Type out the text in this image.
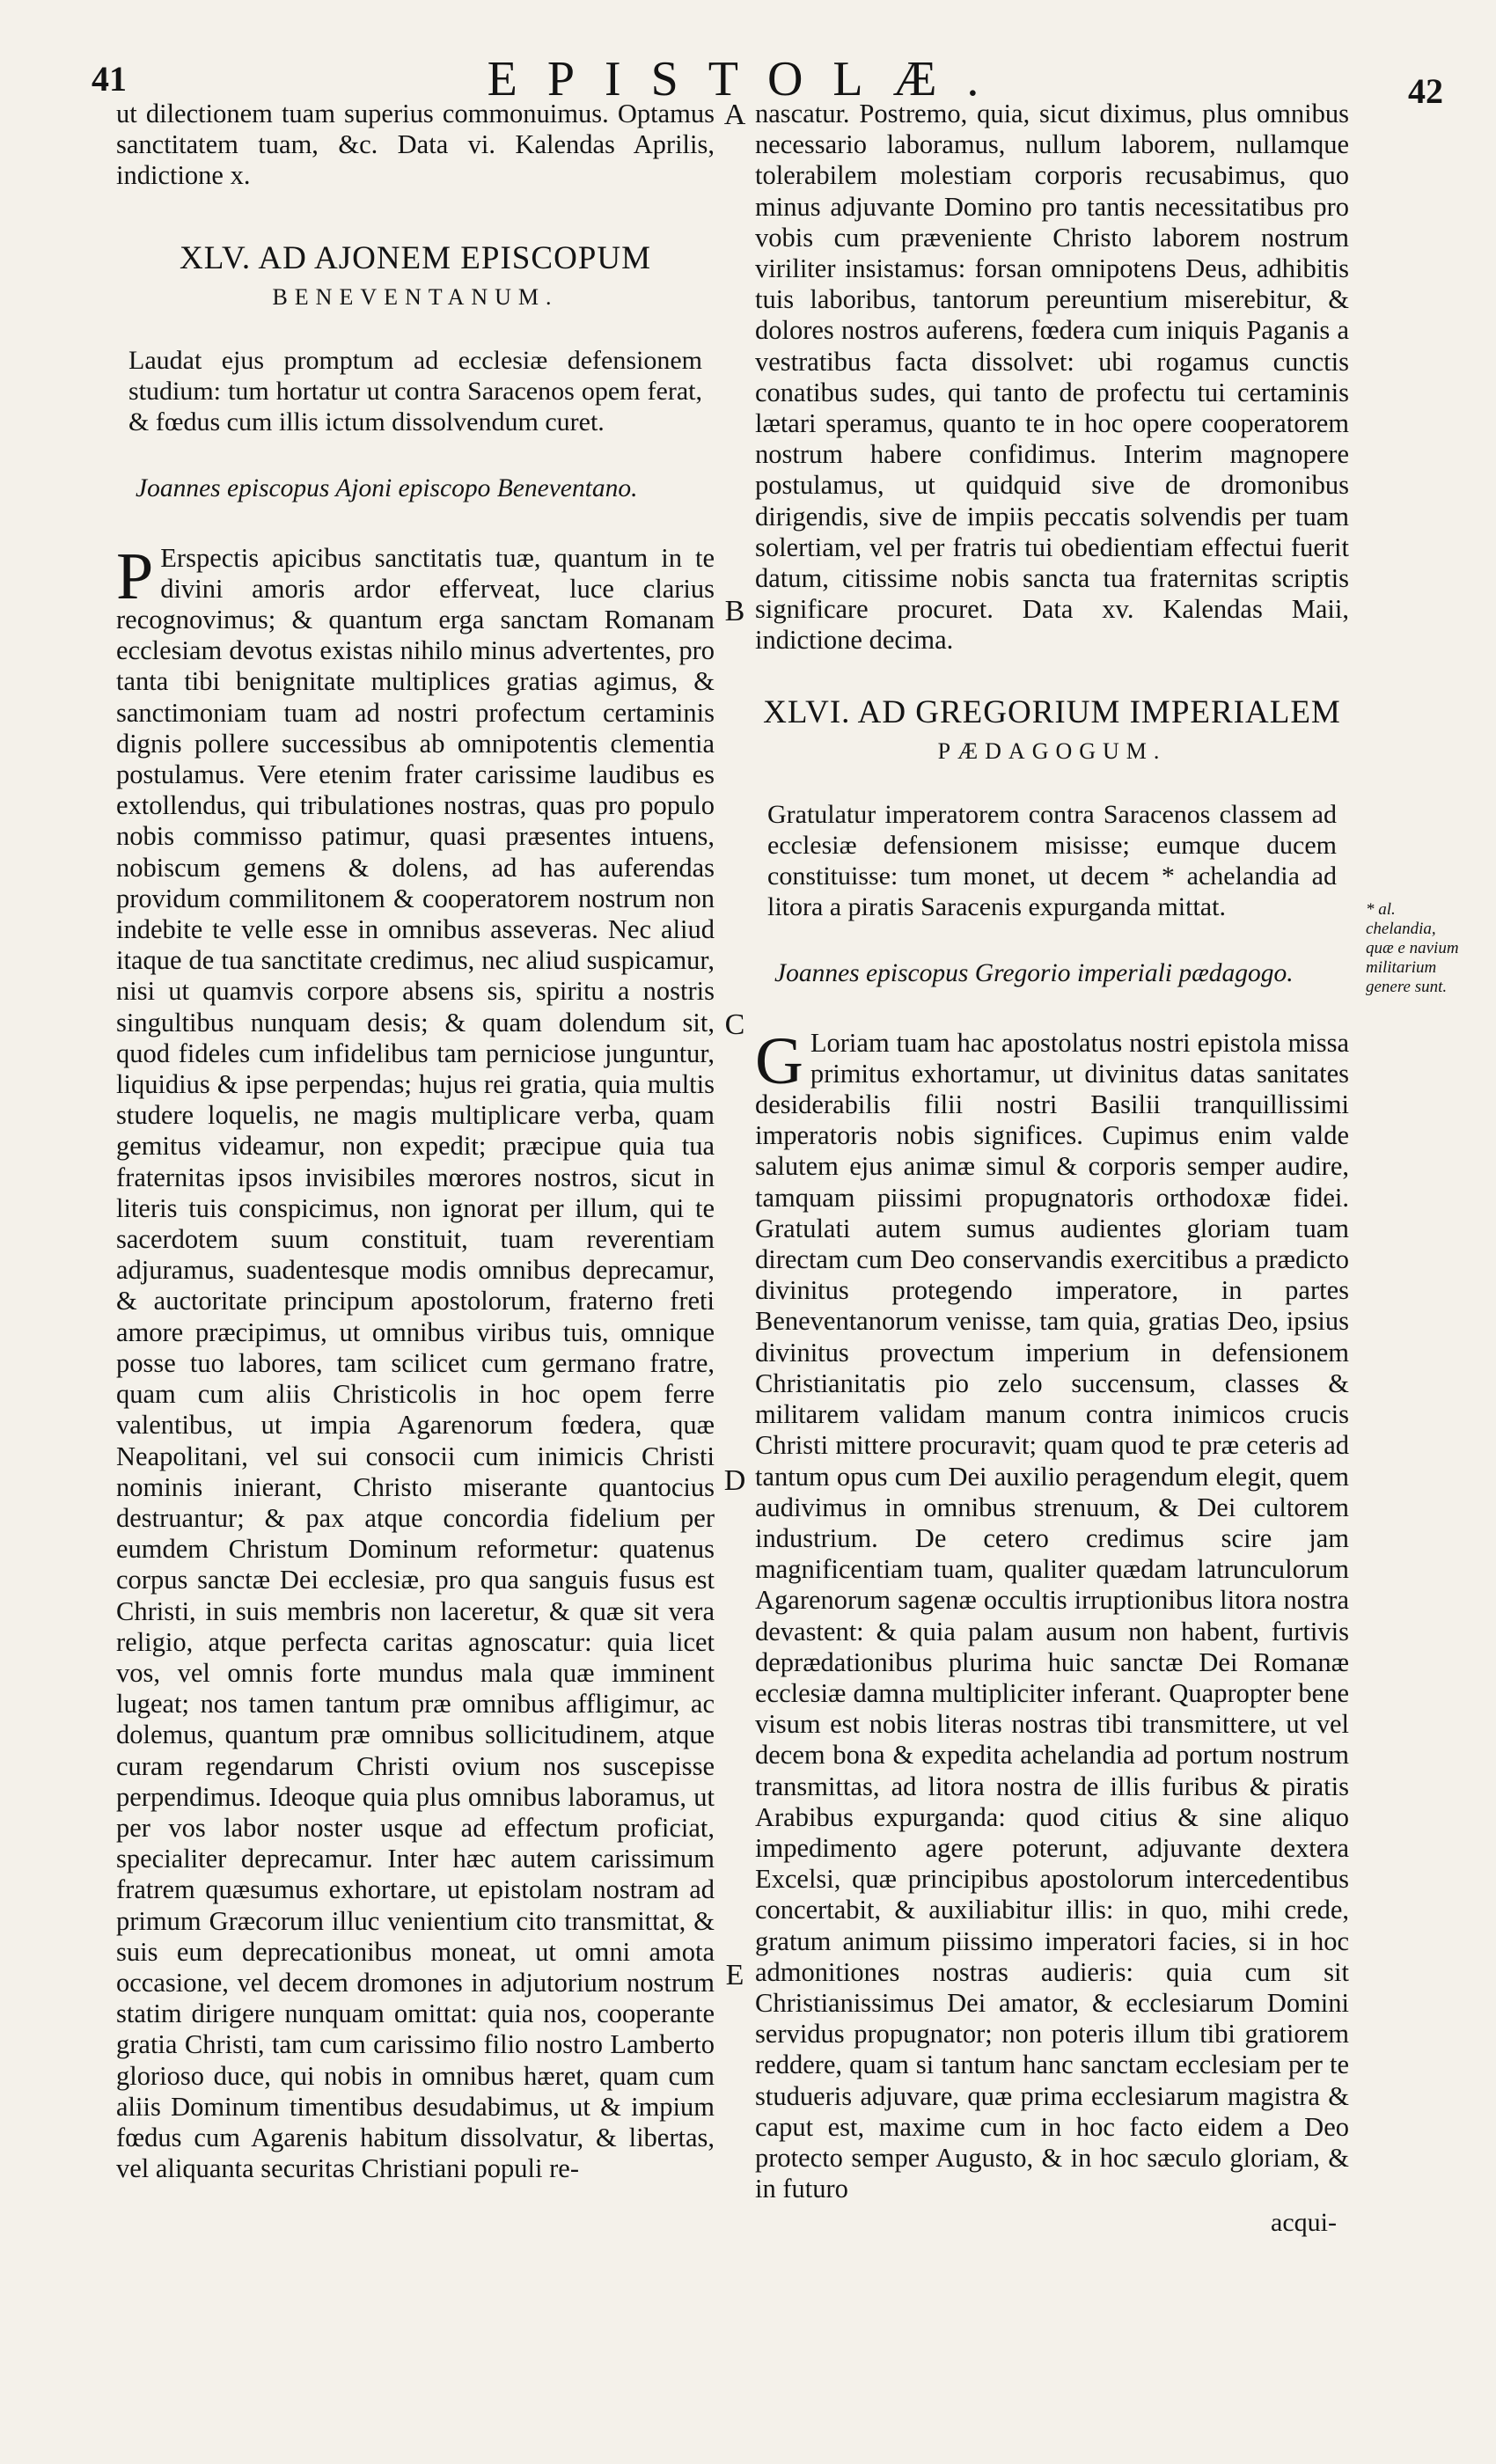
41	EPISTOLÆ.	42

ut dilectionem tuam superius commonuimus. Optamus sanctitatem tuam, &c. Data vi. Kalendas Aprilis, indictione x.

XLV. AD AJONEM EPISCOPUM
BENEVENTANUM.

Laudat ejus promptum ad ecclesiæ defensionem studium: tum hortatur ut contra Saracenos opem ferat, & fœdus cum illis ictum dissolvendum curet.

Joannes episcopus Ajoni episcopo Beneventano.

P Erspectis apicibus sanctitatis tuæ, quantum in te divini amoris ardor efferveat, luce clarius recognovimus; & quantum erga sanctam Romanam ecclesiam devotus existas nihilo minus advertentes, pro tanta tibi benignitate multiplices gratias agimus, & sanctimoniam tuam ad nostri profectum certaminis dignis pollere successibus ab omnipotentis clementia postulamus. Vere etenim frater carissime laudibus es extollendus, qui tribulationes nostras, quas pro populo nobis commisso patimur, quasi præsentes intuens, nobiscum gemens & dolens, ad has auferendas providum commilitonem & cooperatorem nostrum non indebite te velle esse in omnibus asseveras. Nec aliud itaque de tua sanctitate credimus, nec aliud suspicamur, nisi ut quamvis corpore absens sis, spiritu a nostris singultibus nunquam desis; & quam dolendum sit, quod fideles cum infidelibus tam perniciose junguntur, liquidius & ipse perpendas; hujus rei gratia, quia multis studere loquelis, ne magis multiplicare verba, quam gemitus videamur, non expedit; præcipue quia tua fraternitas ipsos invisibiles mœrores nostros, sicut in literis tuis conspicimus, non ignorat per illum, qui te sacerdotem suum constituit, tuam reverentiam adjuramus, suadentesque modis omnibus deprecamur, & auctoritate principum apostolorum, fraterno freti amore præcipimus, ut omnibus viribus tuis, omnique posse tuo labores, tam scilicet cum germano fratre, quam cum aliis Christicolis in hoc opem ferre valentibus, ut impia Agarenorum fœdera, quæ Neapolitani, vel sui consocii cum inimicis Christi nominis inierant, Christo miserante quantocius destruantur; & pax atque concordia fidelium per eumdem Christum Dominum reformetur: quatenus corpus sanctæ Dei ecclesiæ, pro qua sanguis fusus est Christi, in suis membris non laceretur, & quæ sit vera religio, atque perfecta caritas agnoscatur: quia licet vos, vel omnis forte mundus mala quæ imminent lugeat; nos tamen tantum præ omnibus affligimur, ac dolemus, quantum præ omnibus sollicitudinem, atque curam regendarum Christi ovium nos suscepisse perpendimus. Ideoque quia plus omnibus laboramus, ut per vos labor noster usque ad effectum proficiat, specialiter deprecamur. Inter hæc autem carissimum fratrem quæsumus exhortare, ut epistolam nostram ad primum Græcorum illuc venientium cito transmittat, & suis eum deprecationibus moneat, ut omni amota occasione, vel decem dromones in adjutorium nostrum statim dirigere nunquam omittat: quia nos, cooperante gratia Christi, tam cum carissimo filio nostro Lamberto glorioso duce, qui nobis in omnibus hæret, quam cum aliis Dominum timentibus desudabimus, ut & impium fœdus cum Agarenis habitum dissolvatur, & libertas, vel aliquanta securitas Christiani populi re-

nascatur. Postremo, quia, sicut diximus, plus omnibus necessario laboramus, nullum laborem, nullamque tolerabilem molestiam corporis recusabimus, quo minus adjuvante Domino pro tantis necessitatibus pro vobis cum præveniente Christo laborem nostrum viriliter insistamus: forsan omnipotens Deus, adhibitis tuis laboribus, tantorum pereuntium miserebitur, & dolores nostros auferens, fœdera cum iniquis Paganis a vestratibus facta dissolvet: ubi rogamus cunctis conatibus sudes, qui tanto de profectu tui certaminis lætari speramus, quanto te in hoc opere cooperatorem nostrum habere confidimus. Interim magnopere postulamus, ut quidquid sive de dromonibus dirigendis, sive de impiis peccatis solvendis per tuam solertiam, vel per fratris tui obedientiam effectui fuerit datum, citissime nobis sancta tua fraternitas scriptis significare procuret. Data xv. Kalendas Maii, indictione decima.

XLVI. AD GREGORIUM IMPERIALEM
PÆDAGOGUM.

Gratulatur imperatorem contra Saracenos classem ad ecclesiæ defensionem misisse; eumque ducem constituisse: tum monet, ut decem * achelandia ad litora a piratis Saracenis expurganda mittat.

Joannes episcopus Gregorio imperiali pædagogo.

G Loriam tuam hac apostolatus nostri epistola missa primitus exhortamur, ut divinitus datas sanitates desiderabilis filii nostri Basilii tranquillissimi imperatoris nobis significes. Cupimus enim valde salutem ejus animæ simul & corporis semper audire, tamquam piissimi propugnatoris orthodoxæ fidei. Gratulati autem sumus audientes gloriam tuam directam cum Deo conservandis exercitibus a prædicto divinitus protegendo imperatore, in partes Beneventanorum venisse, tam quia, gratias Deo, ipsius divinitus provectum imperium in defensionem Christianitatis pio zelo succensum, classes & militarem validam manum contra inimicos crucis Christi mittere procuravit; quam quod te præ ceteris ad tantum opus cum Dei auxilio peragendum elegit, quem audivimus in omnibus strenuum, & Dei cultorem industrium. De cetero credimus scire jam magnificentiam tuam, qualiter quædam latrunculorum Agarenorum sagenæ occultis irruptionibus litora nostra devastent: & quia palam ausum non habent, furtivis deprædationibus plurima huic sanctæ Dei Romanæ ecclesiæ damna multipliciter inferant. Quapropter bene visum est nobis literas nostras tibi transmittere, ut vel decem bona & expedita achelandia ad portum nostrum transmittas, ad litora nostra de illis furibus & piratis Arabibus expurganda: quod citius & sine aliquo impedimento agere poterunt, adjuvante dextera Excelsi, quæ principibus apostolorum intercedentibus concertabit, & auxiliabitur illis: in quo, mihi crede, gratum animum piissimo imperatori facies, si in hoc admonitiones nostras audieris: quia cum sit Christianissimus Dei amator, & ecclesiarum Domini servidus propugnator; non poteris illum tibi gratiorem reddere, quam si tantum hanc sanctam ecclesiam per te studueris adjuvare, quæ prima ecclesiarum magistra & caput est, maxime cum in hoc facto eidem a Deo protecto semper Augusto, & in hoc sæculo gloriam, & in futuro

acqui-
A
B
C
D
E
* al. chelandia, quæ e navium militarium genere sunt.
